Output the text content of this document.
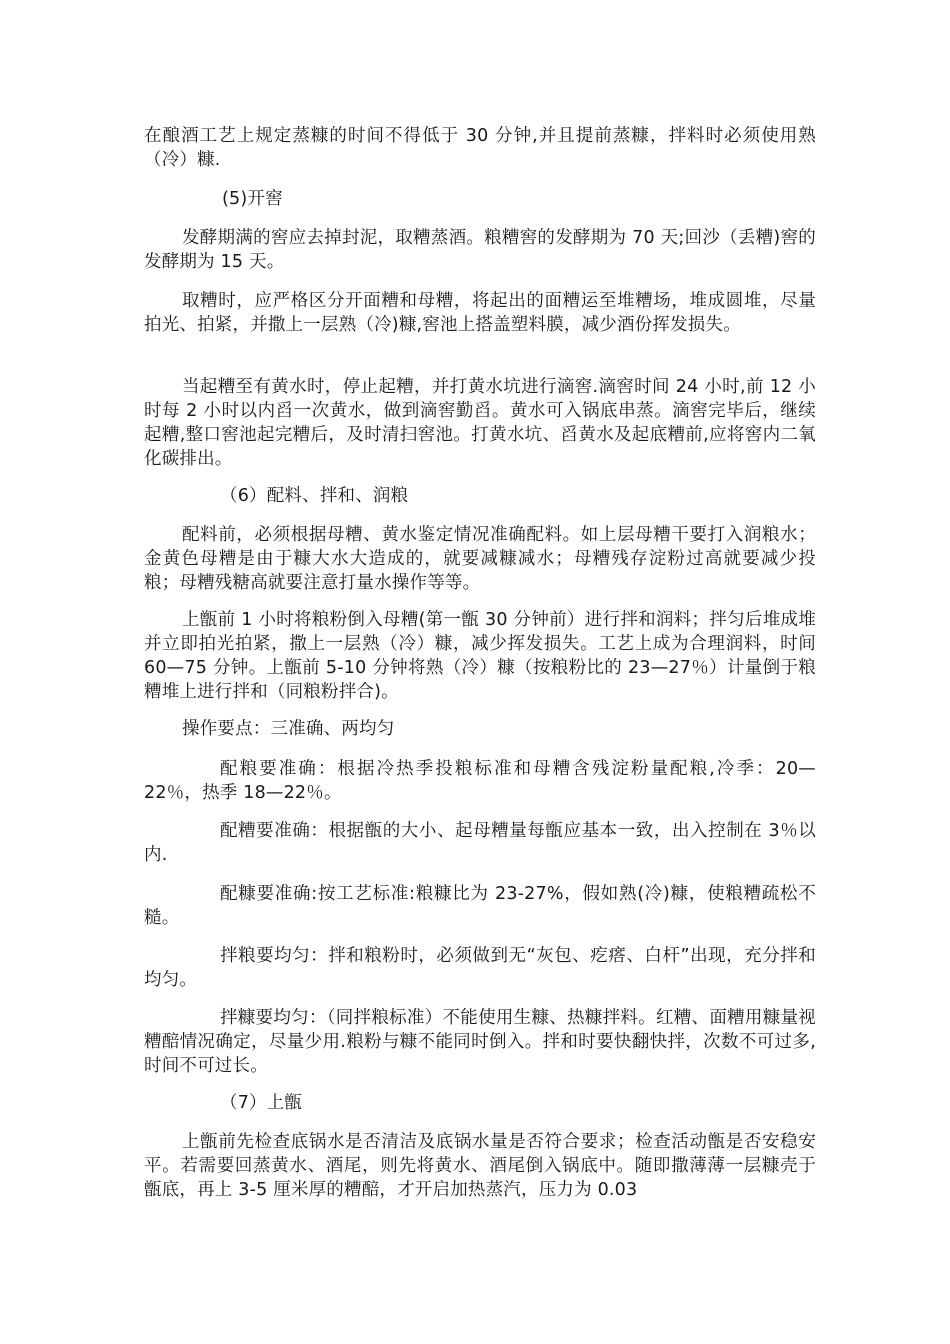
在酿酒工艺上规定蒸糠的时间不得低于 30 分钟,并且提前蒸糠，拌料时必须使用熟（冷）糠.

(5)开窖

发酵期满的窖应去掉封泥，取糟蒸酒。粮糟窖的发酵期为 70 天;回沙（丢糟)窖的发酵期为 15 天。

取糟时，应严格区分开面糟和母糟，将起出的面糟运至堆糟场，堆成圆堆，尽量拍光、拍紧，并撒上一层熟（冷)糠,窖池上搭盖塑料膜，减少酒份挥发损失。

当起糟至有黄水时，停止起糟，并打黄水坑进行滴窖.滴窖时间 24 小时,前 12 小时每 2 小时以内舀一次黄水，做到滴窖勤舀。黄水可入锅底串蒸。滴窖完毕后，继续起糟,整口窖池起完糟后，及时清扫窖池。打黄水坑、舀黄水及起底糟前,应将窖内二氧化碳排出。

（6）配料、拌和、润粮

配料前，必须根据母糟、黄水鉴定情况准确配料。如上层母糟干要打入润粮水；金黄色母糟是由于糠大水大造成的，就要减糠减水；母糟残存淀粉过高就要减少投粮；母糟残糖高就要注意打量水操作等等。

上甑前 1 小时将粮粉倒入母糟(第一甑 30 分钟前）进行拌和润料；拌匀后堆成堆并立即拍光拍紧，撒上一层熟（冷）糠，减少挥发损失。工艺上成为合理润料，时间 60—75 分钟。上甑前 5-10 分钟将熟（冷）糠（按粮粉比的 23—27％）计量倒于粮糟堆上进行拌和（同粮粉拌合)。

操作要点：三准确、两均匀

配粮要准确：根据冷热季投粮标准和母糟含残淀粉量配粮,冷季：20—22％，热季 18—22％。

配糟要准确：根据甑的大小、起母糟量每甑应基本一致，出入控制在 3％以内.

配糠要准确:按工艺标准:粮糠比为 23-27%，假如熟(冷)糠，使粮糟疏松不糙。

拌粮要均匀：拌和粮粉时，必须做到无“灰包、疙瘩、白杆”出现，充分拌和均匀。

拌糠要均匀：（同拌粮标准）不能使用生糠、热糠拌料。红糟、面糟用糠量视糟醅情况确定，尽量少用.粮粉与糠不能同时倒入。拌和时要快翻快拌，次数不可过多,时间不可过长。

（7）上甑

上甑前先检查底锅水是否清洁及底锅水量是否符合要求；检查活动甑是否安稳安平。若需要回蒸黄水、酒尾，则先将黄水、酒尾倒入锅底中。随即撒薄薄一层糠壳于甑底，再上 3-5 厘米厚的糟醅，才开启加热蒸汽，压力为 0.03
